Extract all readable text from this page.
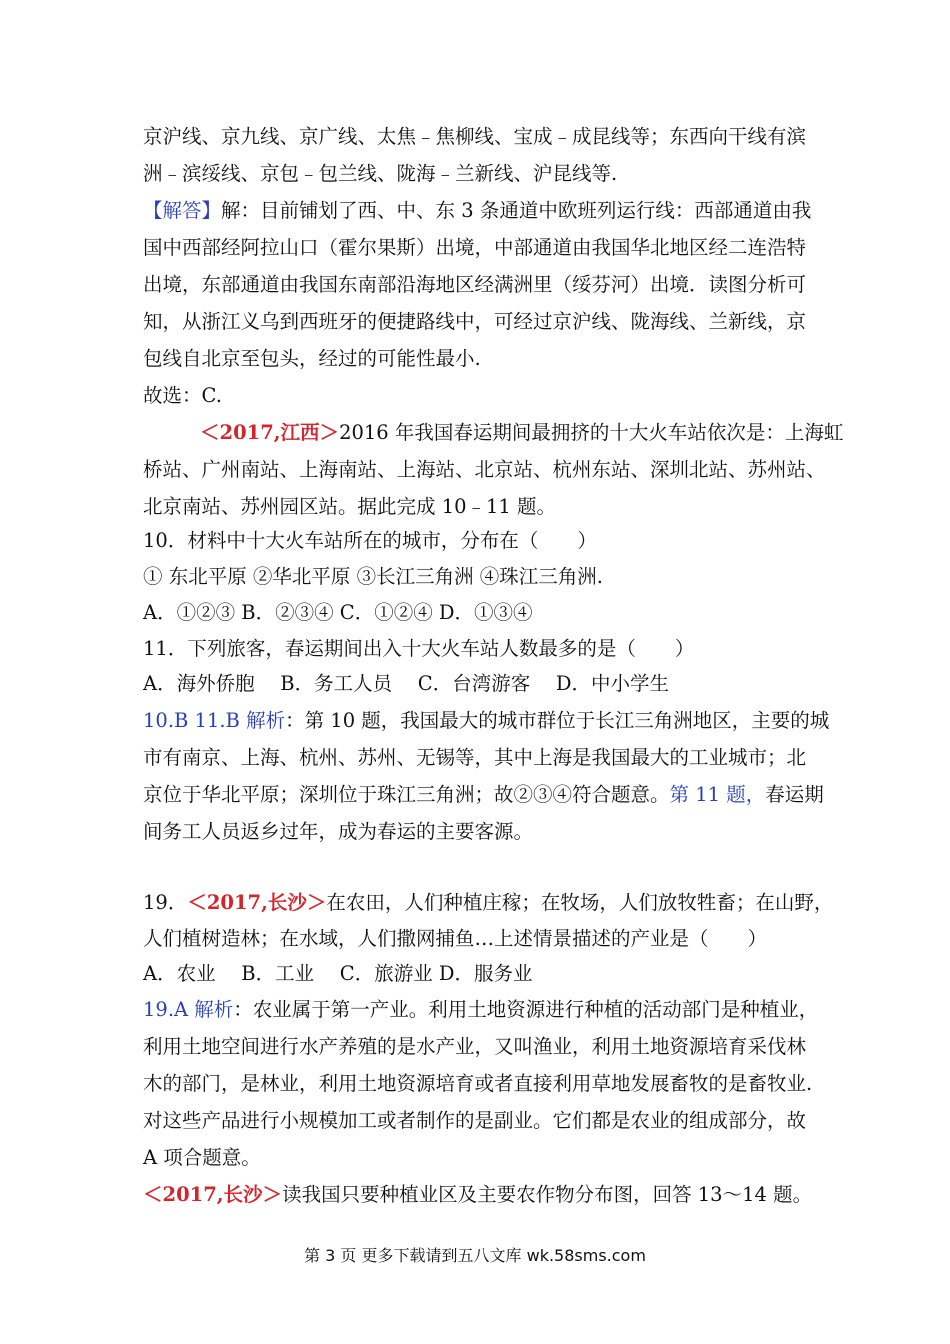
京沪线、京九线、京广线、太焦﹣焦柳线、宝成﹣成昆线等；东西向干线有滨
洲﹣滨绥线、京包﹣包兰线、陇海﹣兰新线、沪昆线等.
【解答】解：目前铺划了西、中、东 3 条通道中欧班列运行线：西部通道由我
国中西部经阿拉山口（霍尔果斯）出境，中部通道由我国华北地区经二连浩特
出境，东部通道由我国东南部沿海地区经满洲里（绥芬河）出境．读图分析可
知，从浙江义乌到西班牙的便捷路线中，可经过京沪线、陇海线、兰新线，京
包线自北京至包头，经过的可能性最小.
故选：C.
＜2017,江西＞2016 年我国春运期间最拥挤的十大火车站依次是：上海虹
桥站、广州南站、上海南站、上海站、北京站、杭州东站、深圳北站、苏州站、
北京南站、苏州园区站。据此完成 10﹣11 题。
10．材料中十大火车站所在的城市，分布在（　　）
① 东北平原 ②华北平原 ③长江三角洲 ④珠江三角洲.
A．①②③ B．②③④ C．①②④ D．①③④
11．下列旅客，春运期间出入十大火车站人数最多的是（　　）
A．海外侨胞　 B．务工人员　 C．台湾游客　 D．中小学生
10.B 11.B 解析：第 10 题，我国最大的城市群位于长江三角洲地区，主要的城
市有南京、上海、杭州、苏州、无锡等，其中上海是我国最大的工业城市；北
京位于华北平原；深圳位于珠江三角洲；故②③④符合题意。第 11 题，春运期
间务工人员返乡过年，成为春运的主要客源。
19．＜2017,长沙＞在农田，人们种植庄稼；在牧场，人们放牧牲畜；在山野，
人们植树造林；在水域，人们撒网捕鱼…上述情景描述的产业是（　　）
A．农业　 B．工业　 C．旅游业 D．服务业
19.A 解析：农业属于第一产业。利用土地资源进行种植的活动部门是种植业，
利用土地空间进行水产养殖的是水产业，又叫渔业，利用土地资源培育采伐林
木的部门，是林业，利用土地资源培育或者直接利用草地发展畜牧的是畜牧业.
对这些产品进行小规模加工或者制作的是副业。它们都是农业的组成部分，故
A 项合题意。
＜2017,长沙＞读我国只要种植业区及主要农作物分布图，回答 13～14 题。
第 3 页 更多下载请到五八文库 wk.58sms.com
